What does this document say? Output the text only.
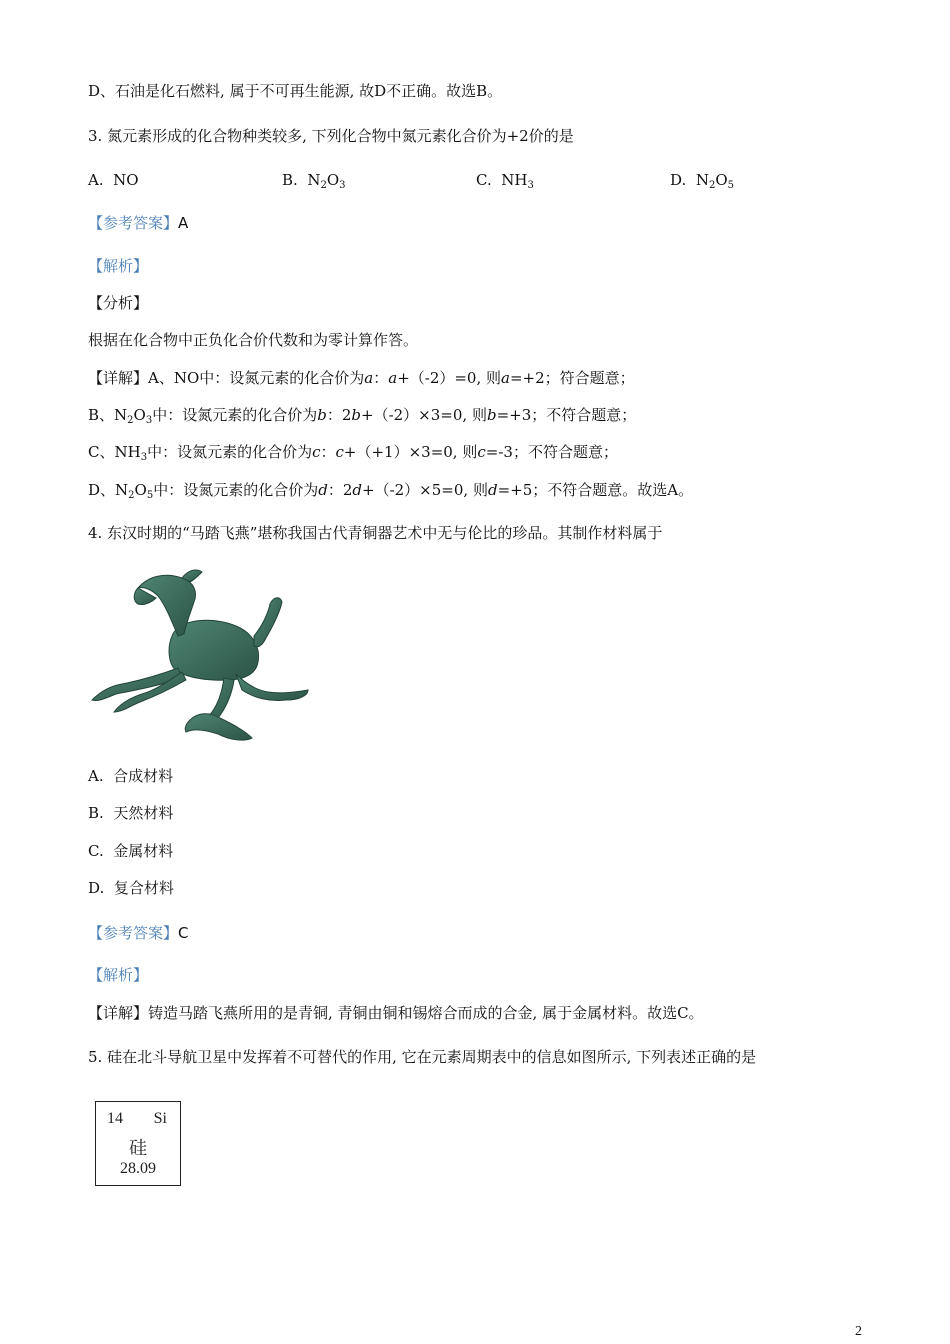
D、石油是化石燃料, 属于不可再生能源, 故D不正确。故选B。
3. 氮元素形成的化合物种类较多, 下列化合物中氮元素化合价为+2价的是
A. NO	B. $N_2O_3$	C. $NH_3$	D. $N_2O_5$
【参考答案】A
【解析】
【分析】
根据在化合物中正负化合价代数和为零计算作答。
【详解】A、NO中：设氮元素的化合价为a：a+（-2）=0, 则a=+2；符合题意；
B、$N_2O_3$中：设氮元素的化合价为b：2b+（-2）×3=0, 则b=+3；不符合题意；
C、$NH_3$中：设氮元素的化合价为c：c+（+1）×3=0, 则c=-3；不符合题意；
D、$N_2O_5$中：设氮元素的化合价为d：2d+（-2）×5=0, 则d=+5；不符合题意。故选A。
4. 东汉时期的“马踏飞燕”堪称我国古代青铜器艺术中无与伦比的珍品。其制作材料属于
A. 合成材料
B. 天然材料
C. 金属材料
D. 复合材料
【参考答案】C
【解析】
【详解】铸造马踏飞燕所用的是青铜, 青铜由铜和锡熔合而成的合金, 属于金属材料。故选C。
5. 硅在北斗导航卫星中发挥着不可替代的作用, 它在元素周期表中的信息如图所示, 下列表述正确的是
14 Si
硅
28.09
2
